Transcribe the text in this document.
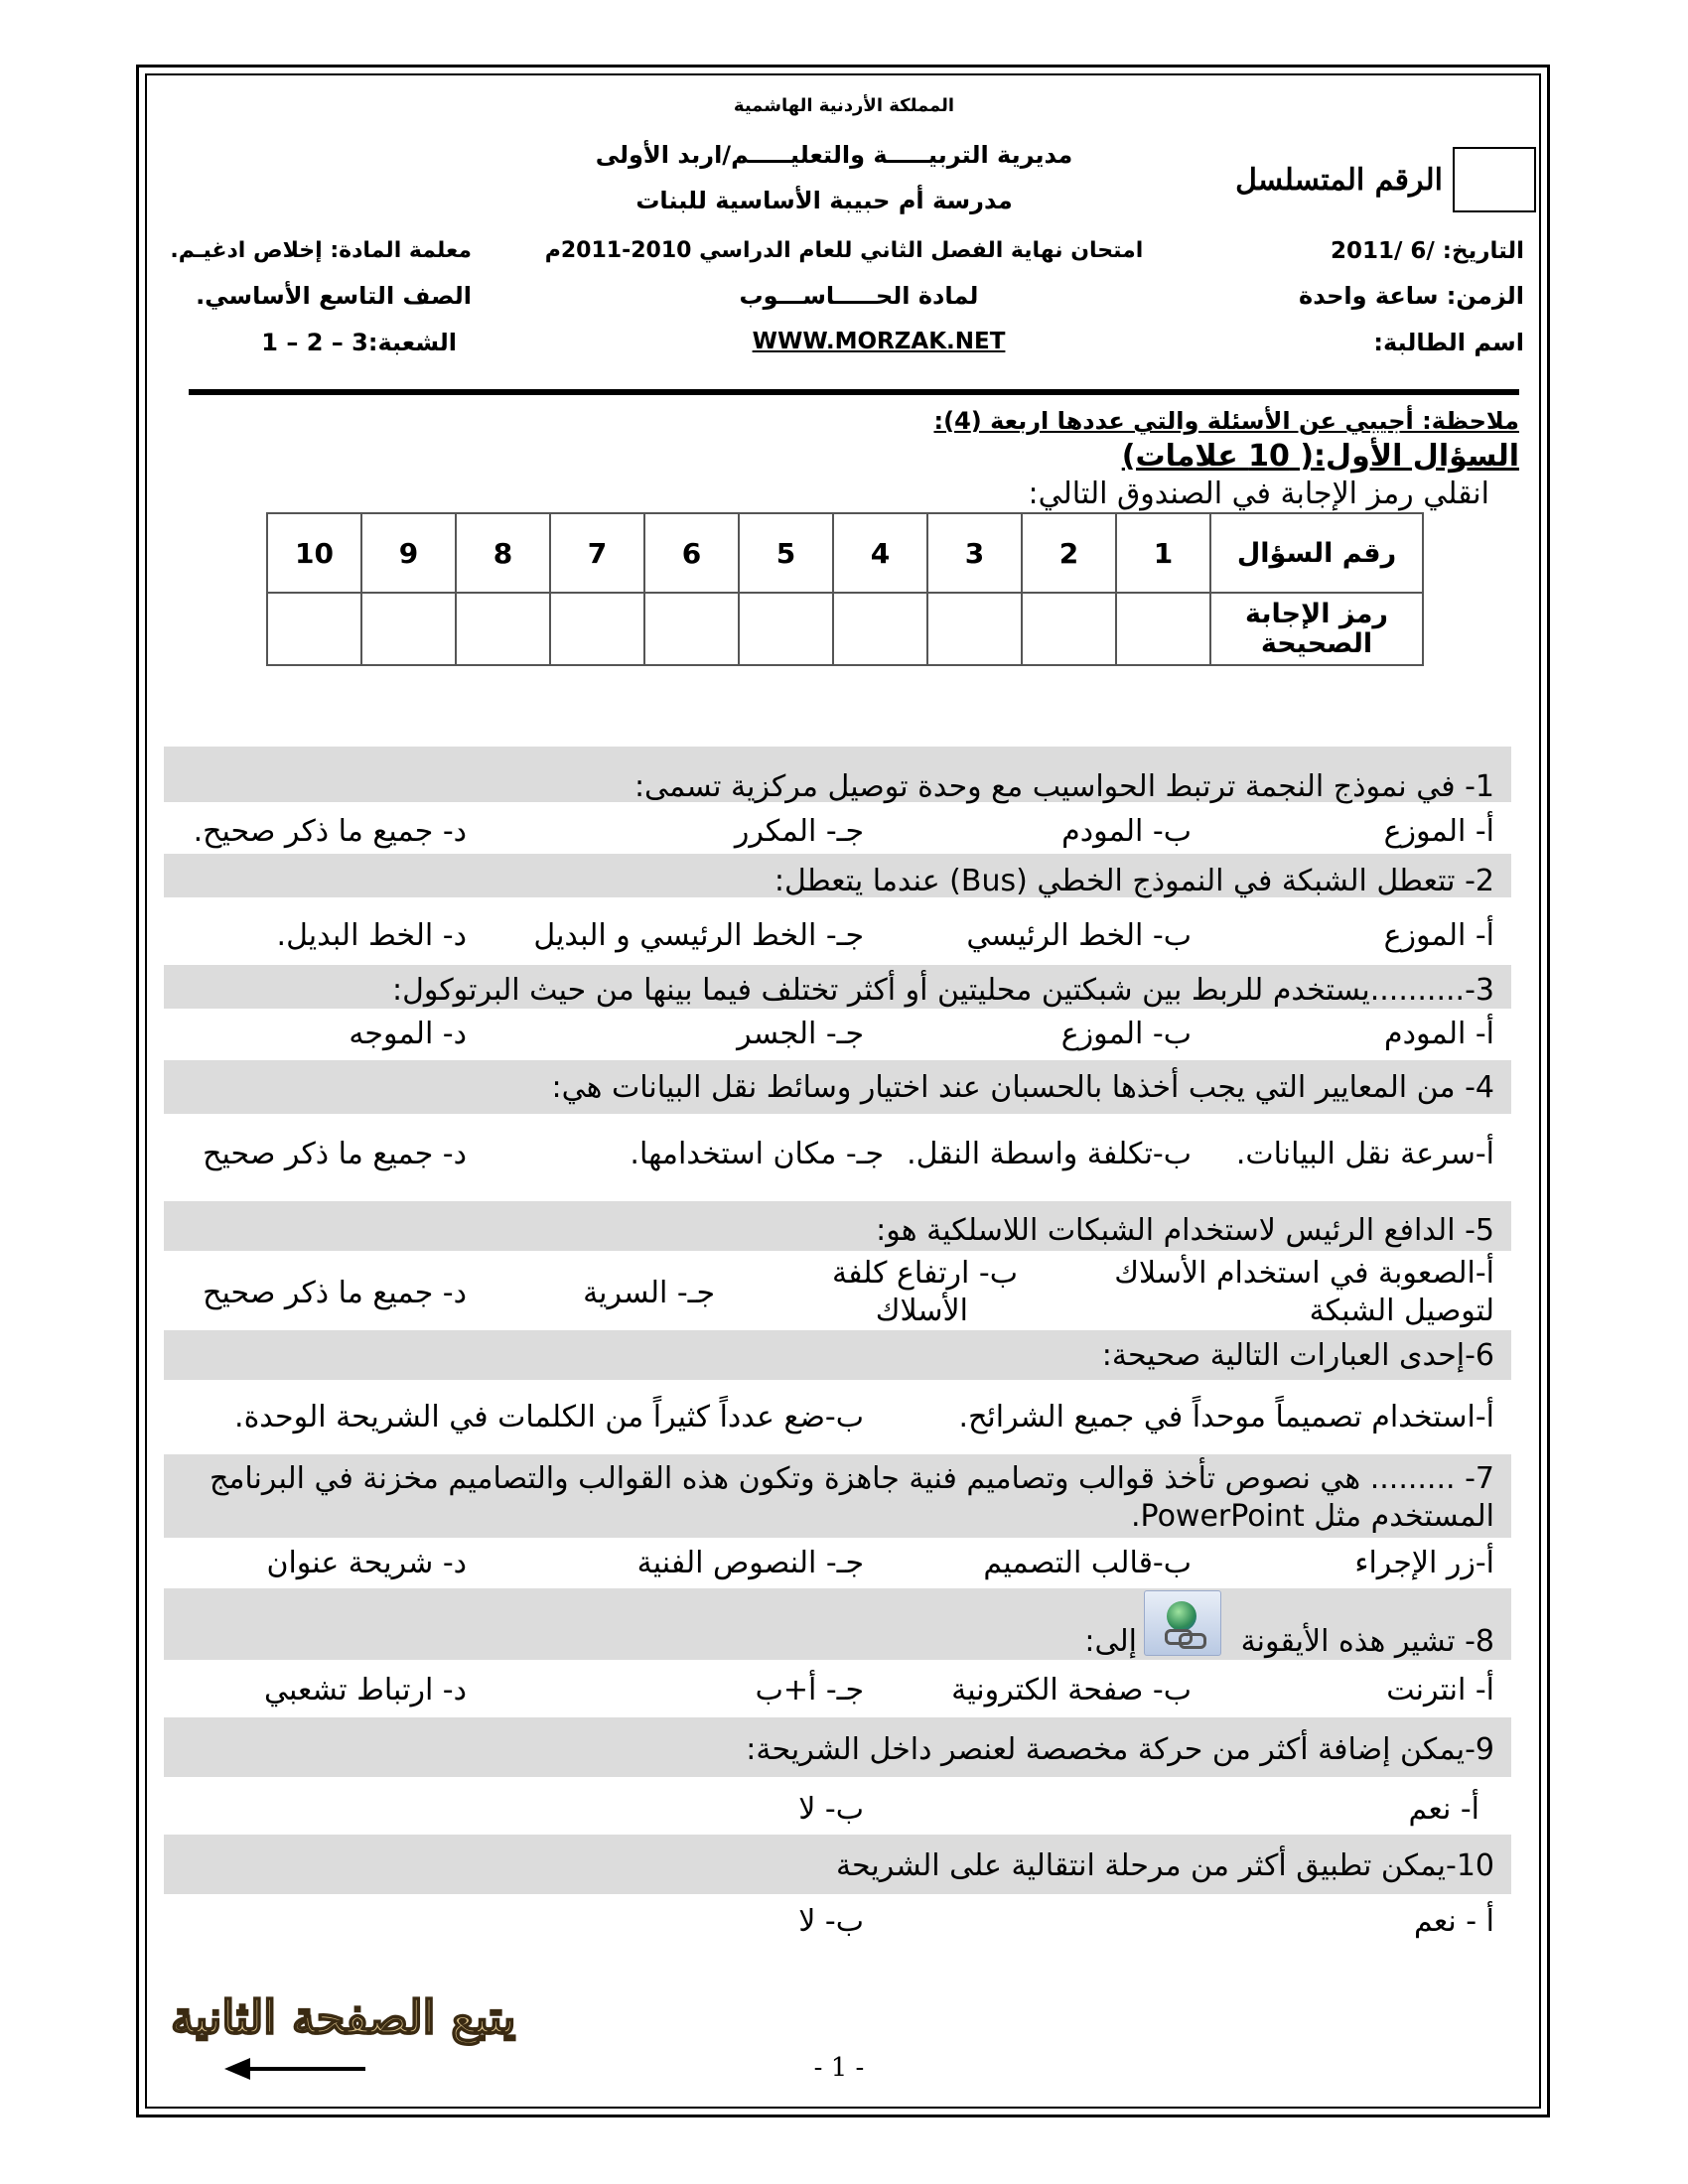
المملكة الأردنية الهاشمية
مديرية التربيـــــة والتعليـــــم/اربد الأولى
مدرسة أم حبيبة الأساسية للبنات
الرقم المتسلسل
التاريخ: /6 /2011
امتحان نهاية الفصل الثاني للعام الدراسي 2010-2011م
معلمة المادة: إخلاص ادغيـم.
الزمن: ساعة واحدة
لمادة الحـــــاســـوب
الصف التاسع الأساسي.
اسم الطالبة:
WWW.MORZAK.NET
الشعبة:3 – 2 – 1
ملاحظة: أجيبي عن الأسئلة والتي عددها اربعة (4):
السؤال الأول:( 10 علامات)
انقلي رمز الإجابة في الصندوق التالي:
رقم السؤال	1	2	3	4	5	6	7	8	9	10
رمز الإجابة الصحيحة										
1- في نموذج النجمة ترتبط الحواسيب مع وحدة توصيل مركزية تسمى:
أ- الموزع
ب- المودم
جـ- المكرر
د- جميع ما ذكر صحيح.
2- تتعطل الشبكة في النموذج الخطي (Bus) عندما يتعطل:
أ- الموزع
ب- الخط الرئيسي
جـ- الخط الرئيسي و البديل
د- الخط البديل.
3-..........يستخدم للربط بين شبكتين محليتين أو أكثر تختلف فيما بينها من حيث البرتوكول:
أ- المودم
ب- الموزع
جـ- الجسر
د- الموجه
4- من المعايير التي يجب أخذها بالحسبان عند اختيار وسائط نقل البيانات هي:
أ-سرعة نقل البيانات.
ب-تكلفة واسطة النقل.
جـ- مكان استخدامها.
د- جميع ما ذكر صحيح
5- الدافع الرئيس لاستخدام الشبكات اللاسلكية هو:
أ-الصعوبة في استخدام الأسلاك
لتوصيل الشبكة
ب- ارتفاع كلفة
الأسلاك
جـ- السرية
د- جميع ما ذكر صحيح
6-إحدى العبارات التالية صحيحة:
أ-استخدام تصميماً موحداً في جميع الشرائح.
ب-ضع عدداً كثيراً من الكلمات في الشريحة الوحدة.
7- ......... هي نصوص تأخذ قوالب وتصاميم فنية جاهزة وتكون هذه القوالب والتصاميم مخزنة في البرنامج
المستخدم مثل PowerPoint.
أ-زر الإجراء
ب-قالب التصميم
جـ- النصوص الفنية
د- شريحة عنوان
8- تشير هذه الأيقونة
إلى:
أ- انترنت
ب- صفحة الكترونية
جـ- أ+ب
د- ارتباط تشعبي
9-يمكن إضافة أكثر من حركة مخصصة لعنصر داخل الشريحة:
أ- نعم
ب- لا
10-يمكن تطبيق أكثر من مرحلة انتقالية على الشريحة
أ - نعم
ب- لا
يتبع الصفحة الثانية
- 1 -
